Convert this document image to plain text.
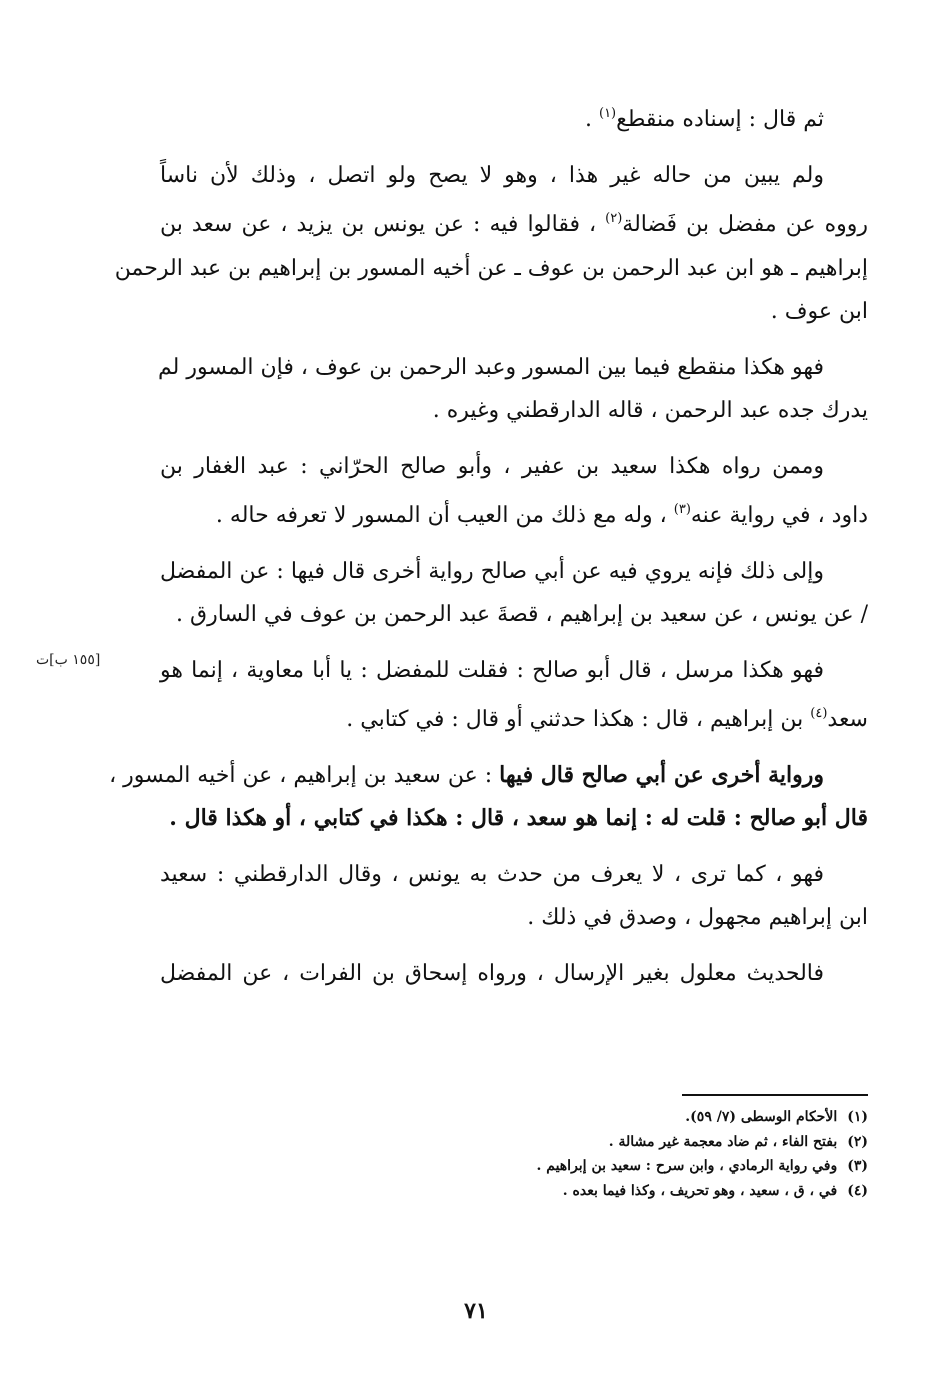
ثم قال : إسناده منقطع$^{(١)}$ .

ولم يبين من حاله غير هذا ، وهو لا يصح ولو اتصل ، وذلك لأن ناساً
رووه عن مفضل بن فَضالة$^{(٢)}$ ، فقالوا فيه : عن يونس بن يزيد ، عن سعد بن
إبراهيم ـ هو ابن عبد الرحمن بن عوف ـ عن أخيه المسور بن إبراهيم بن عبد الرحمن
ابن عوف .

فهو هكذا منقطع فيما بين المسور وعبد الرحمن بن عوف ، فإن المسور لم
يدرك جده عبد الرحمن ، قاله الدارقطني وغيره .

وممن رواه هكذا سعيد بن عفير ، وأبو صالح الحرّاني : عبد الغفار بن
داود ، في رواية عنه$^{(٣)}$ ، وله مع ذلك من العيب أن المسور لا تعرفه حاله .

وإلى ذلك فإنه يروي فيه عن أبي صالح رواية أخرى قال فيها : عن المفضل
/ عن يونس ، عن سعيد بن إبراهيم ، قصةَ عبد الرحمن بن عوف في السارق .

فهو هكذا مرسل ، قال أبو صالح : فقلت للمفضل : يا أبا معاوية ، إنما هو
سعد$^{(٤)}$ بن إبراهيم ، قال : هكذا حدثني أو قال : في كتابي .

ورواية أخرى عن أبي صالح قال فيها : عن سعيد بن إبراهيم ، عن أخيه المسور ،
قال أبو صالح : قلت له : إنما هو سعد ، قال : هكذا في كتابي ، أو هكذا قال .

فهو ، كما ترى ، لا يعرف من حدث به يونس ، وقال الدارقطني : سعيد
ابن إبراهيم مجهول ، وصدق في ذلك .

فالحديث معلول بغير الإرسال ، ورواه إسحاق بن الفرات ، عن المفضل

[١٥٥ ب]ت
(١)الأحكام الوسطى (٧/ ٥٩).
(٢)بفتح الفاء ، ثم ضاد معجمة غير مشالة .
(٣)وفي رواية الرمادي ، وابن سرح : سعيد بن إبراهيم .
(٤)في ، ق ، سعيد ، وهو تحريف ، وكذا فيما بعده .
٧١
